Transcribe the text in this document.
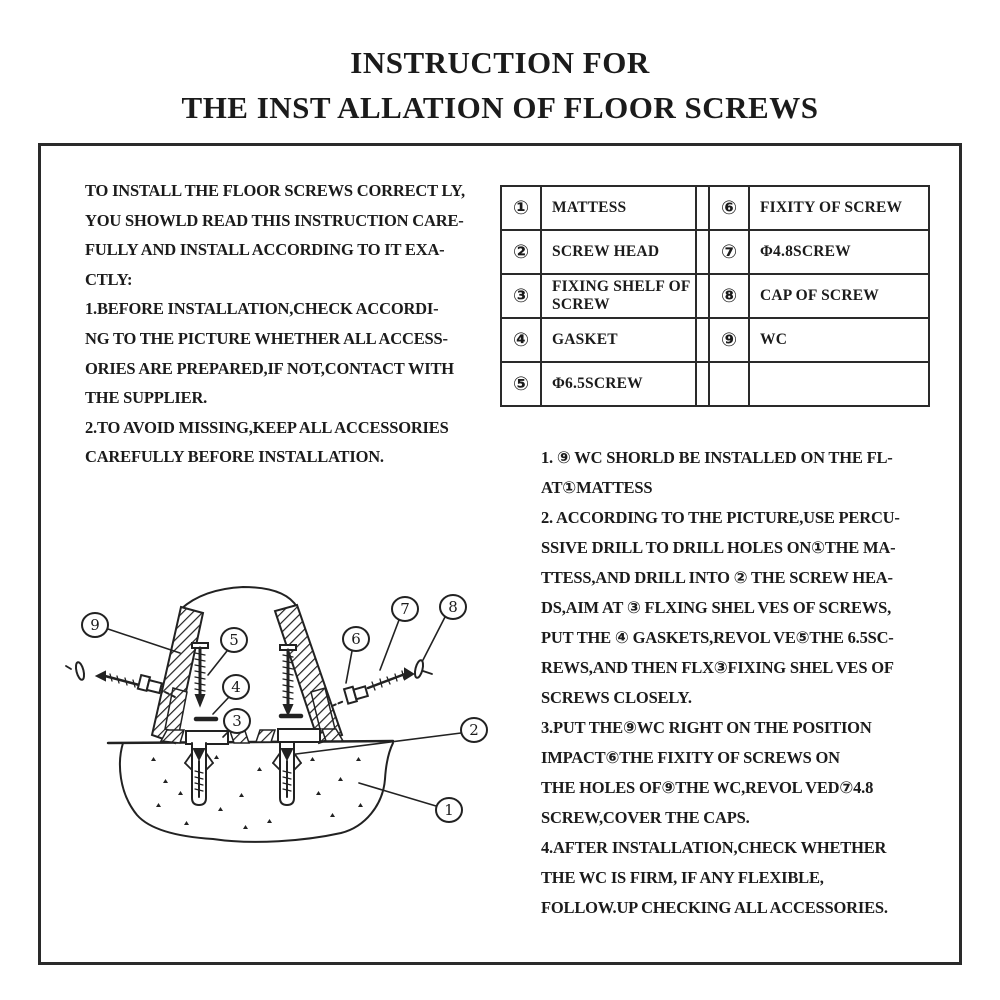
INSTRUCTION FOR
THE INST ALLATION OF FLOOR SCREWS
TO INSTALL THE FLOOR SCREWS CORRECT LY,
YOU SHOWLD READ THIS INSTRUCTION CARE-
FULLY AND INSTALL ACCORDING TO IT EXA-
CTLY:
1.BEFORE INSTALLATION,CHECK ACCORDI-
NG TO THE PICTURE WHETHER ALL ACCESS-
ORIES ARE PREPARED,IF NOT,CONTACT WITH
THE SUPPLIER.
2.TO AVOID MISSING,KEEP ALL ACCESSORIES
CAREFULLY BEFORE INSTALLATION.
①	MATTESS		⑥	FIXITY OF SCREW
②	SCREW HEAD		⑦	Φ4.8SCREW
③	FIXING SHELF OF SCREW		⑧	CAP OF SCREW
④	GASKET		⑨	WC
⑤	Φ6.5SCREW			
1. ⑨ WC SHORLD BE INSTALLED ON THE FL-
AT①MATTESS
2. ACCORDING TO THE PICTURE,USE PERCU-
SSIVE DRILL TO DRILL HOLES ON①THE MA-
TTESS,AND DRILL INTO ② THE SCREW HEA-
DS,AIM AT ③ FLXING SHEL VES OF SCREWS,
PUT THE ④ GASKETS,REVOL VE⑤THE 6.5SC-
REWS,AND THEN FLX③FIXING SHEL VES OF
SCREWS CLOSELY.
3.PUT THE⑨WC RIGHT ON THE POSITION
IMPACT⑥THE FIXITY OF SCREWS ON
THE HOLES OF⑨THE WC,REVOL VED⑦4.8
SCREW,COVER THE CAPS.
4.AFTER INSTALLATION,CHECK WHETHER
THE WC IS FIRM, IF ANY FLEXIBLE,
FOLLOW.UP CHECKING ALL ACCESSORIES.
9
5
4
3
6
7	8
2
1
